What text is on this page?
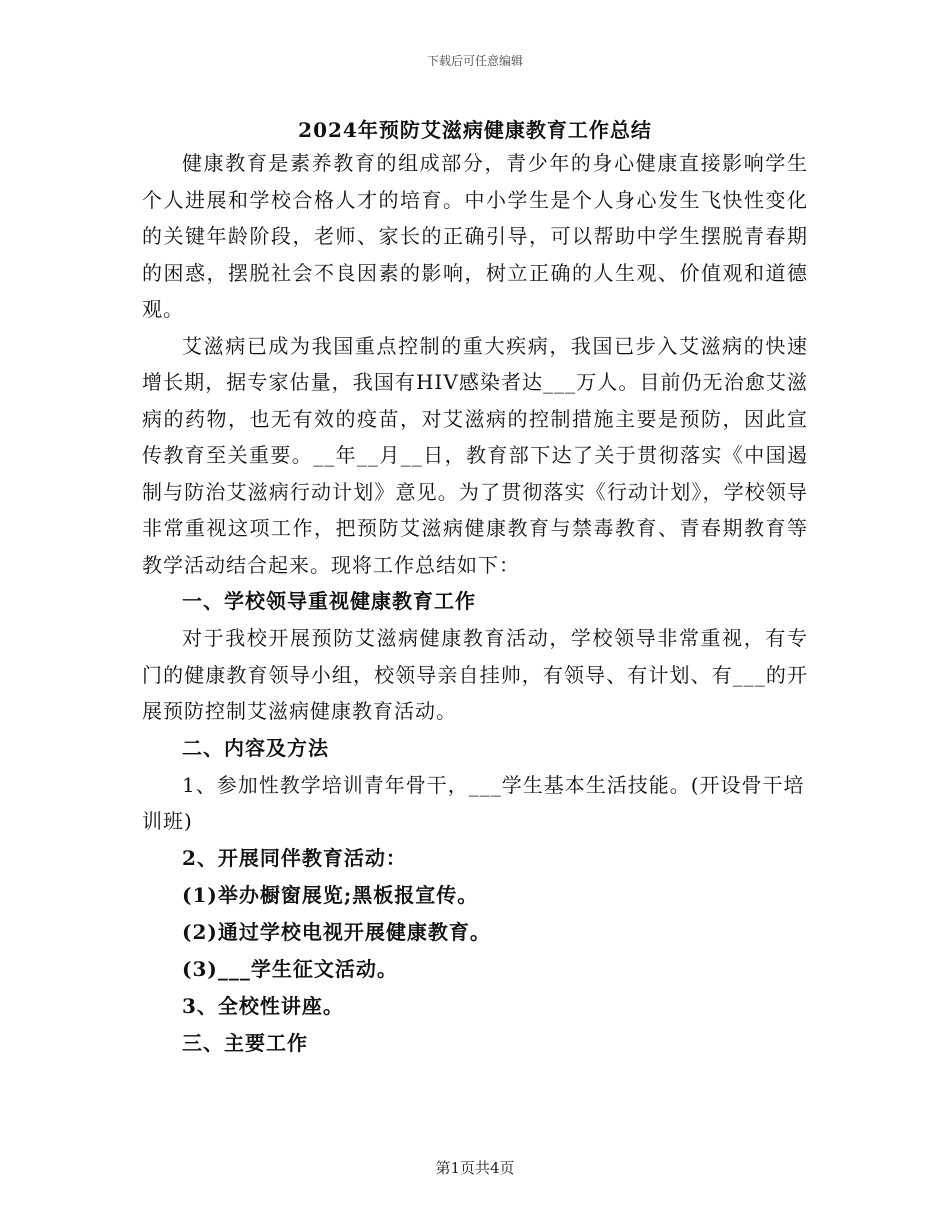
下载后可任意编辑
2024年预防艾滋病健康教育工作总结

健康教育是素养教育的组成部分，青少年的身心健康直接影响学生个人进展和学校合格人才的培育。中小学生是个人身心发生飞快性变化的关键年龄阶段，老师、家长的正确引导，可以帮助中学生摆脱青春期的困惑，摆脱社会不良因素的影响，树立正确的人生观、价值观和道德观。

艾滋病已成为我国重点控制的重大疾病，我国已步入艾滋病的快速增长期，据专家估量，我国有HIV感染者达___万人。目前仍无治愈艾滋病的药物，也无有效的疫苗，对艾滋病的控制措施主要是预防，因此宣传教育至关重要。__年__月__日，教育部下达了关于贯彻落实《中国遏制与防治艾滋病行动计划》意见。为了贯彻落实《行动计划》，学校领导非常重视这项工作，把预防艾滋病健康教育与禁毒教育、青春期教育等教学活动结合起来。现将工作总结如下：

一、学校领导重视健康教育工作

对于我校开展预防艾滋病健康教育活动，学校领导非常重视，有专门的健康教育领导小组，校领导亲自挂帅，有领导、有计划、有___的开展预防控制艾滋病健康教育活动。

二、内容及方法

1、参加性教学培训青年骨干，___学生基本生活技能。(开设骨干培训班)

2、开展同伴教育活动：

(1)举办橱窗展览;黑板报宣传。

(2)通过学校电视开展健康教育。

(3)___学生征文活动。

3、全校性讲座。

三、主要工作

第1页共4页
